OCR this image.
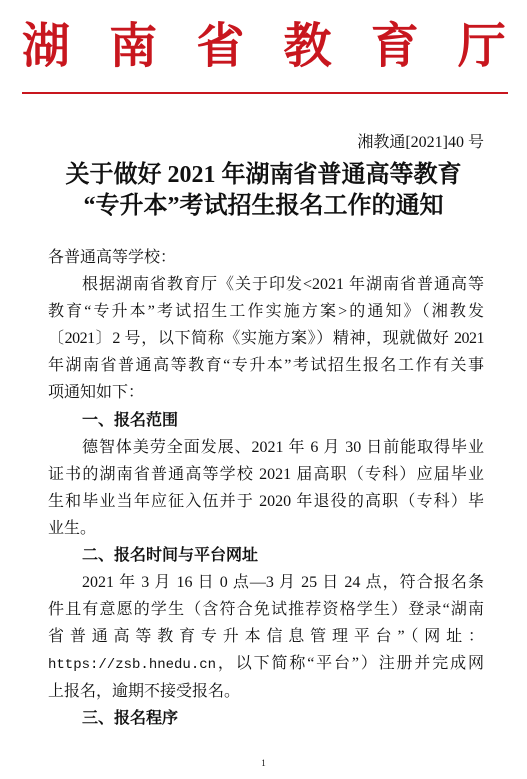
湖 南 省 教 育 厅
湘教通[2021]40 号
关于做好 2021 年湖南省普通高等教育
“专升本”考试招生报名工作的通知
各普通高等学校：
根据湖南省教育厅《关于印发<2021 年湖南省普通高等
教育“专升本”考试招生工作实施方案>的通知》（湘教发
〔2021〕2 号，以下简称《实施方案》）精神，现就做好 2021
年湖南省普通高等教育“专升本”考试招生报名工作有关事
项通知如下：
一、报名范围
德智体美劳全面发展、2021 年 6 月 30 日前能取得毕业
证书的湖南省普通高等学校 2021 届高职（专科）应届毕业
生和毕业当年应征入伍并于 2020 年退役的高职（专科）毕
业生。
二、报名时间与平台网址
2021 年 3 月 16 日 0 点—3 月 25 日 24 点，符合报名条
件且有意愿的学生（含符合免试推荐资格学生）登录“湖南
省普通高等教育专升本信息管理平台”（网址：
https://zsb.hnedu.cn，以下简称“平台”）注册并完成网
上报名，逾期不接受报名。
三、报名程序
1
